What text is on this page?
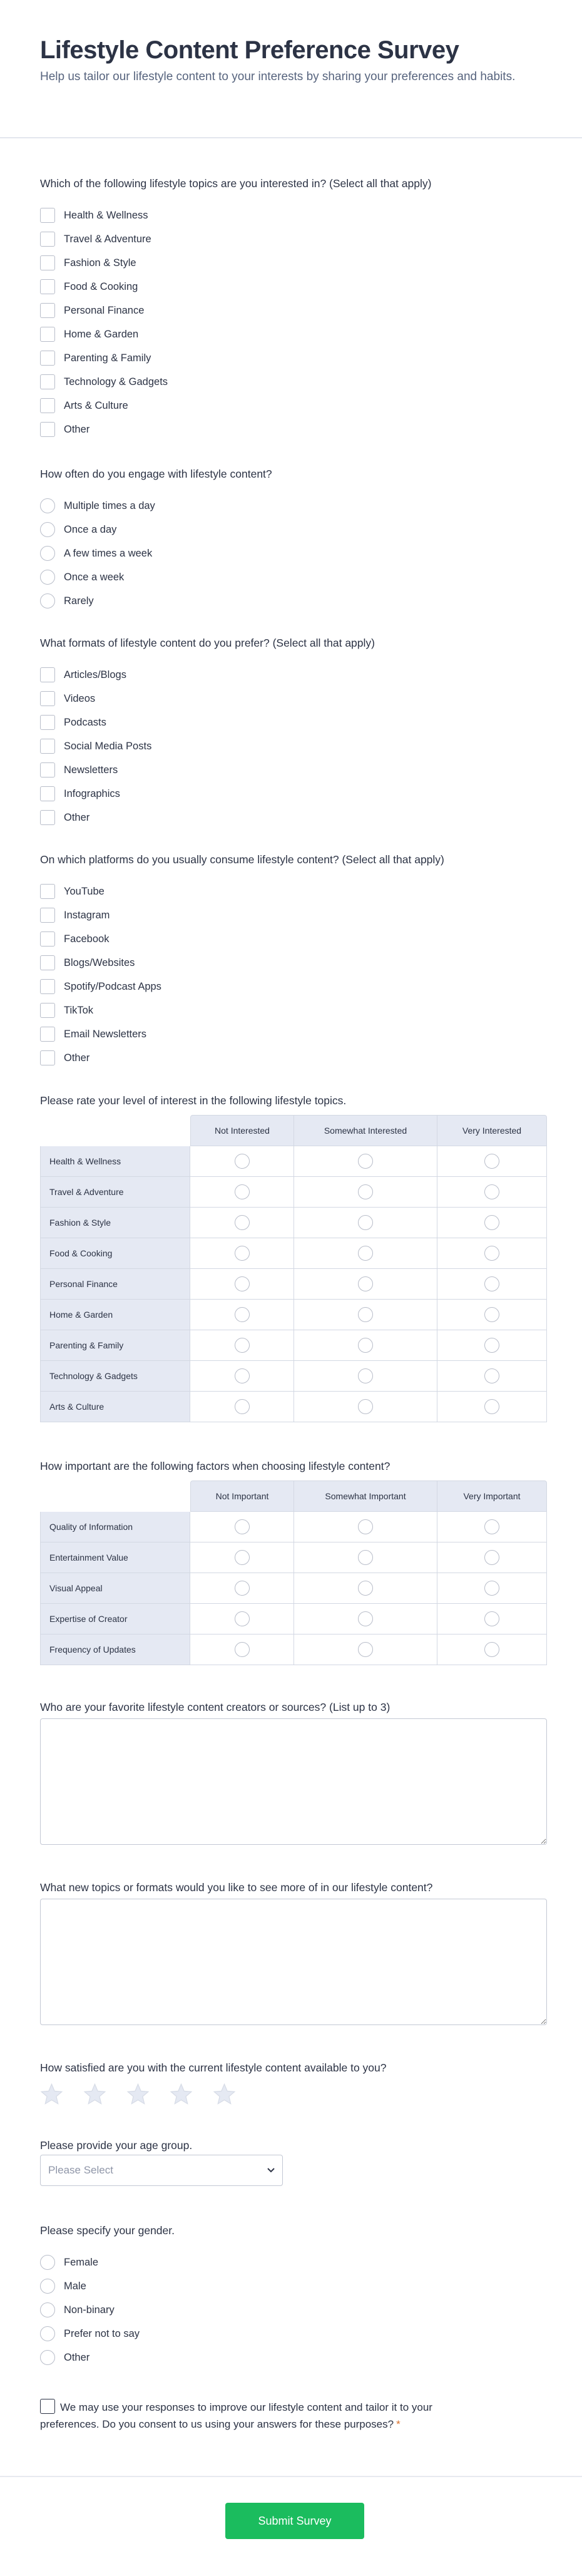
Lifestyle Content Preference Survey

Help us tailor our lifestyle content to your interests by sharing your preferences and habits.

Which of the following lifestyle topics are you interested in? (Select all that apply)
Health & Wellness
Travel & Adventure
Fashion & Style
Food & Cooking
Personal Finance
Home & Garden
Parenting & Family
Technology & Gadgets
Arts & Culture
Other
How often do you engage with lifestyle content?
Multiple times a day
Once a day
A few times a week
Once a week
Rarely
What formats of lifestyle content do you prefer? (Select all that apply)
Articles/Blogs
Videos
Podcasts
Social Media Posts
Newsletters
Infographics
Other
On which platforms do you usually consume lifestyle content? (Select all that apply)
YouTube
Instagram
Facebook
Blogs/Websites
Spotify/Podcast Apps
TikTok
Email Newsletters
Other
Please rate your level of interest in the following lifestyle topics.
	Not Interested	Somewhat Interested	Very Interested
Health & Wellness			
Travel & Adventure			
Fashion & Style			
Food & Cooking			
Personal Finance			
Home & Garden			
Parenting & Family			
Technology & Gadgets			
Arts & Culture			
How important are the following factors when choosing lifestyle content?
	Not Important	Somewhat Important	Very Important
Quality of Information			
Entertainment Value			
Visual Appeal			
Expertise of Creator			
Frequency of Updates			
Who are your favorite lifestyle content creators or sources? (List up to 3)
What new topics or formats would you like to see more of in our lifestyle content?
How satisfied are you with the current lifestyle content available to you?
Please provide your age group.
Please Select
Please specify your gender.
Female
Male
Non-binary
Prefer not to say
Other
We may use your responses to improve our lifestyle content and tailor it to your preferences. Do you consent to us using your answers for these purposes? *
Submit Survey
